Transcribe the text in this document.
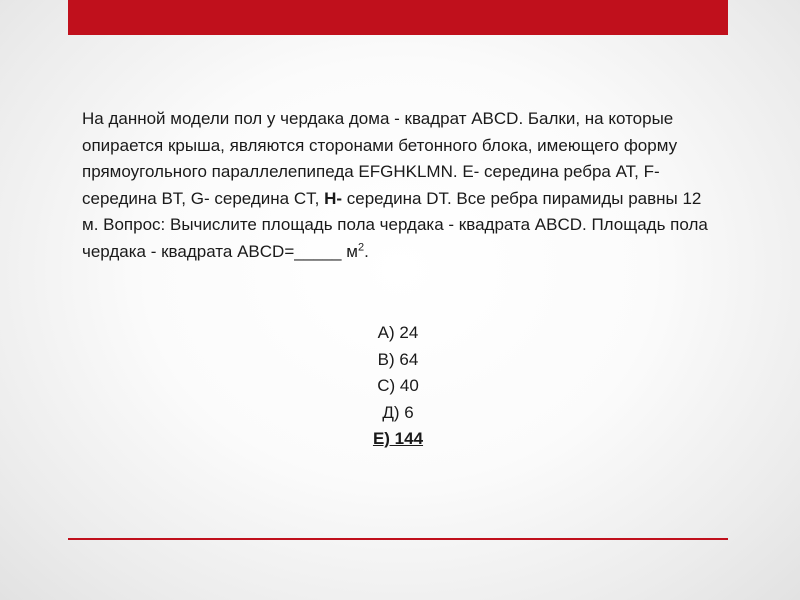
На данной модели пол у чердака дома - квадрат ABCD. Балки, на которые опирается крыша, являются сторонами бетонного блока, имеющего форму прямоугольного параллелепипеда EFGHKLMN. E- середина ребра AT, F- середина BT, G- середина CT, H- середина DT. Все ребра пирамиды равны 12 м. Вопрос: Вычислите площадь пола чердака - квадрата ABCD. Площадь пола чердака - квадрата ABCD=_____ $м^2$.

A) 24
B) 64
C) 40
Д) 6
E) 144
